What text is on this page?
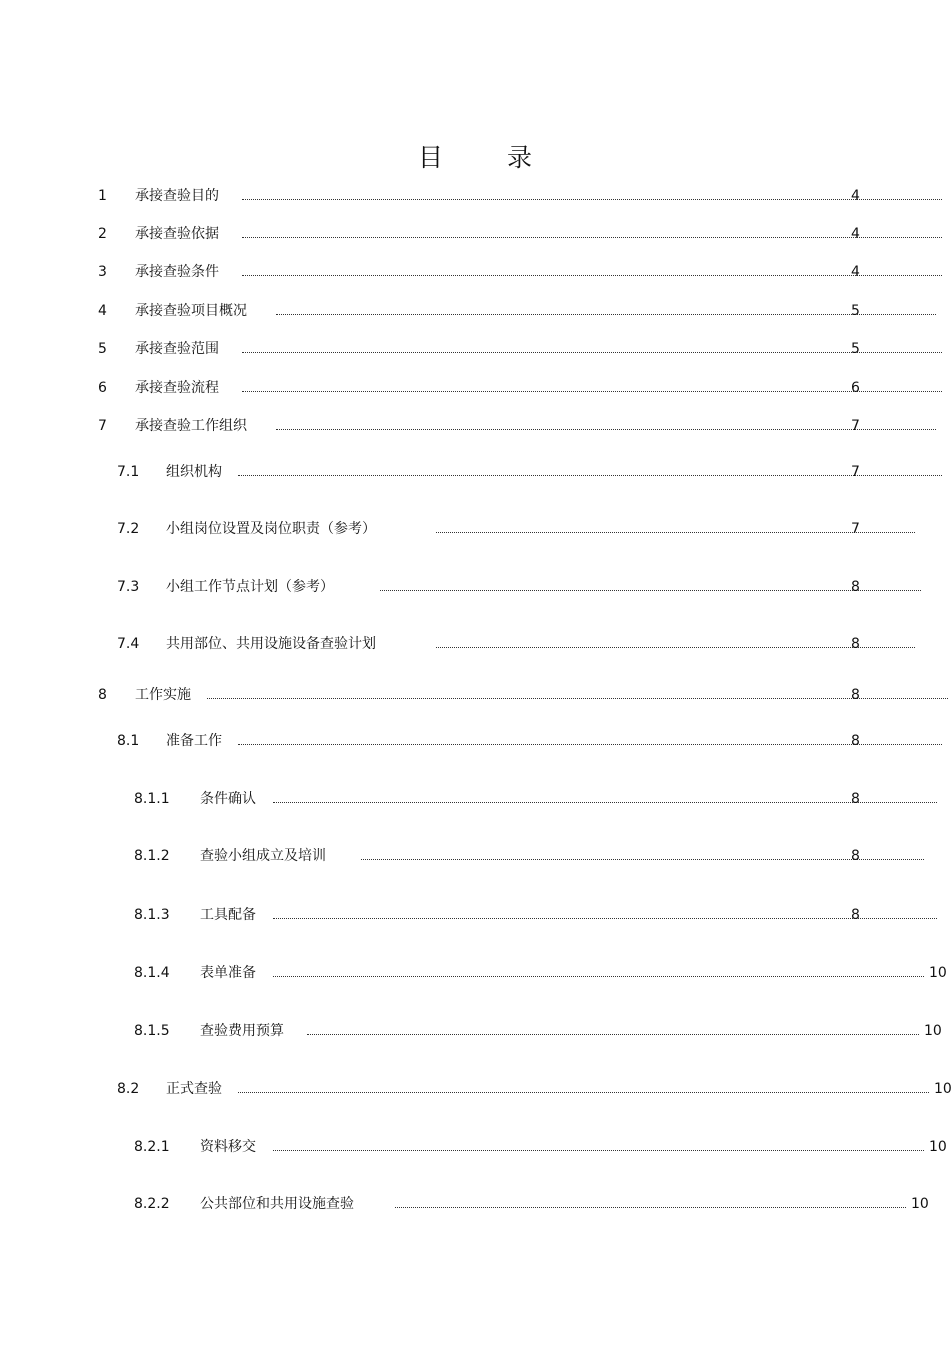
目 录
1 承接查验目的	4
2 承接查验依据	4
3 承接查验条件	4
4 承接查验项目概况	5
5 承接查验范围	5
6 承接查验流程	6
7 承接查验工作组织	7
7.1 组织机构	7
7.2 小组岗位设置及岗位职责（参考）	7
7.3 小组工作节点计划（参考）	8
7.4 共用部位、共用设施设备查验计划	8
8 工作实施	8
8.1 准备工作	8
8.1.1 条件确认	8
8.1.2 查验小组成立及培训	8
8.1.3 工具配备	8
8.1.4 表单准备	10
8.1.5 查验费用预算	10
8.2 正式查验	10
8.2.1 资料移交	10
8.2.2 公共部位和共用设施查验	10
